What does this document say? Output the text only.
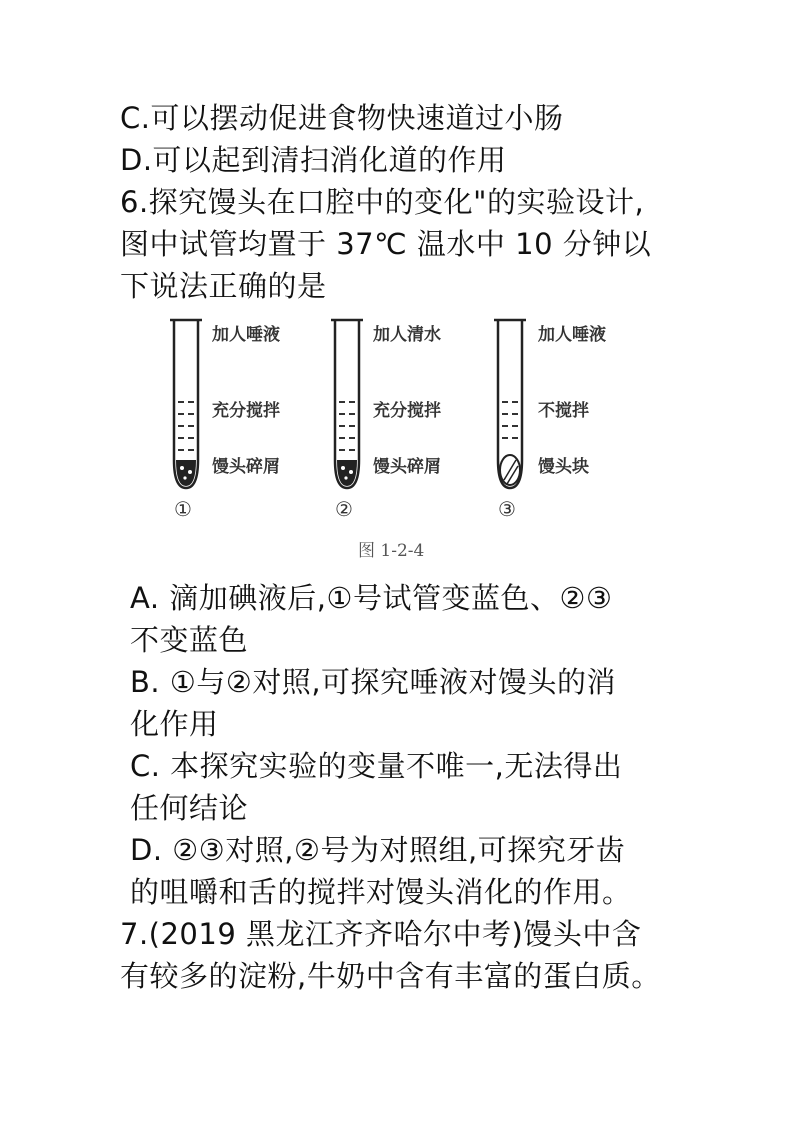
C.可以摆动促进食物快速道过小肠
D.可以起到清扫消化道的作用
6.探究馒头在口腔中的变化"的实验设计,
图中试管均置于 37℃ 温水中 10 分钟以
下说法正确的是
加人唾液
充分搅拌
馒头碎屑
①
加人清水
充分搅拌
馒头碎屑
②
加人唾液
不搅拌
馒头块
③
图 1-2-4
A. 滴加碘液后,①号试管变蓝色、②③
不变蓝色
B. ①与②对照,可探究唾液对馒头的消
化作用
C. 本探究实验的变量不唯一,无法得出
任何结论
D. ②③对照,②号为对照组,可探究牙齿
的咀嚼和舌的搅拌对馒头消化的作用。
7.(2019 黑龙江齐齐哈尔中考)馒头中含
有较多的淀粉,牛奶中含有丰富的蛋白质。
